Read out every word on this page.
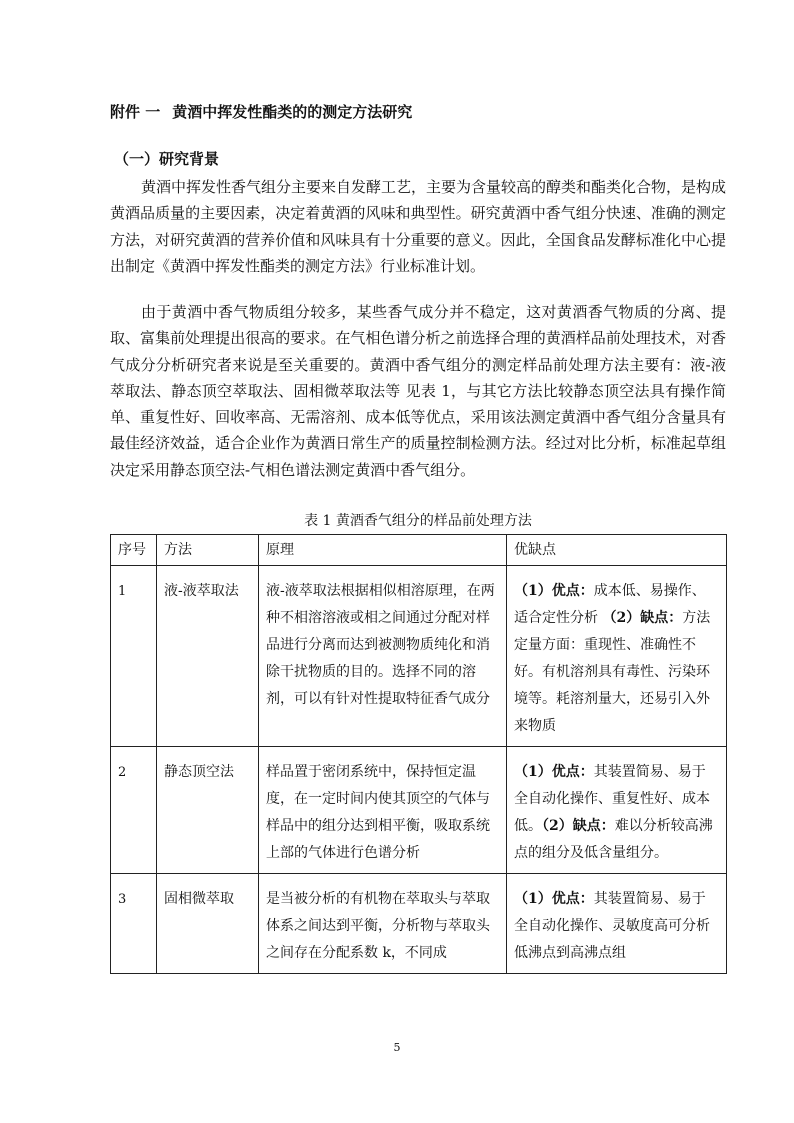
附件 一 黄酒中挥发性酯类的的测定方法研究
（一）研究背景

黄酒中挥发性香气组分主要来自发酵工艺，主要为含量较高的醇类和酯类化合物，是构成黄酒品质量的主要因素，决定着黄酒的风味和典型性。研究黄酒中香气组分快速、准确的测定方法，对研究黄酒的营养价值和风味具有十分重要的意义。因此，全国食品发酵标准化中心提出制定《黄酒中挥发性酯类的测定方法》行业标准计划。

由于黄酒中香气物质组分较多，某些香气成分并不稳定，这对黄酒香气物质的分离、提取、富集前处理提出很高的要求。在气相色谱分析之前选择合理的黄酒样品前处理技术，对香气成分分析研究者来说是至关重要的。黄酒中香气组分的测定样品前处理方法主要有：液-液萃取法、静态顶空萃取法、固相微萃取法等 见表 1，与其它方法比较静态顶空法具有操作简单、重复性好、回收率高、无需溶剂、成本低等优点，采用该法测定黄酒中香气组分含量具有最佳经济效益，适合企业作为黄酒日常生产的质量控制检测方法。经过对比分析，标准起草组决定采用静态顶空法-气相色谱法测定黄酒中香气组分。

表 1 黄酒香气组分的样品前处理方法
序号	方法	原理	优缺点
1	液-液萃取法	液-液萃取法根据相似相溶原理，在两种不相溶溶液或相之间通过分配对样品进行分离而达到被测物质纯化和消除干扰物质的目的。选择不同的溶剂，可以有针对性提取特征香气成分	（1）优点：成本低、易操作、适合定性分析 （2）缺点：方法定量方面：重现性、准确性不好。有机溶剂具有毒性、污染环境等。耗溶剂量大，还易引入外来物质
2	静态顶空法	样品置于密闭系统中，保持恒定温度，在一定时间内使其顶空的气体与样品中的组分达到相平衡，吸取系统上部的气体进行色谱分析	（1）优点：其装置简易、易于全自动化操作、重复性好、成本低。（2）缺点：难以分析较高沸点的组分及低含量组分。
3	固相微萃取	是当被分析的有机物在萃取头与萃取体系之间达到平衡，分析物与萃取头之间存在分配系数 k，不同成	（1）优点：其装置简易、易于全自动化操作、灵敏度高可分析低沸点到高沸点组
5
